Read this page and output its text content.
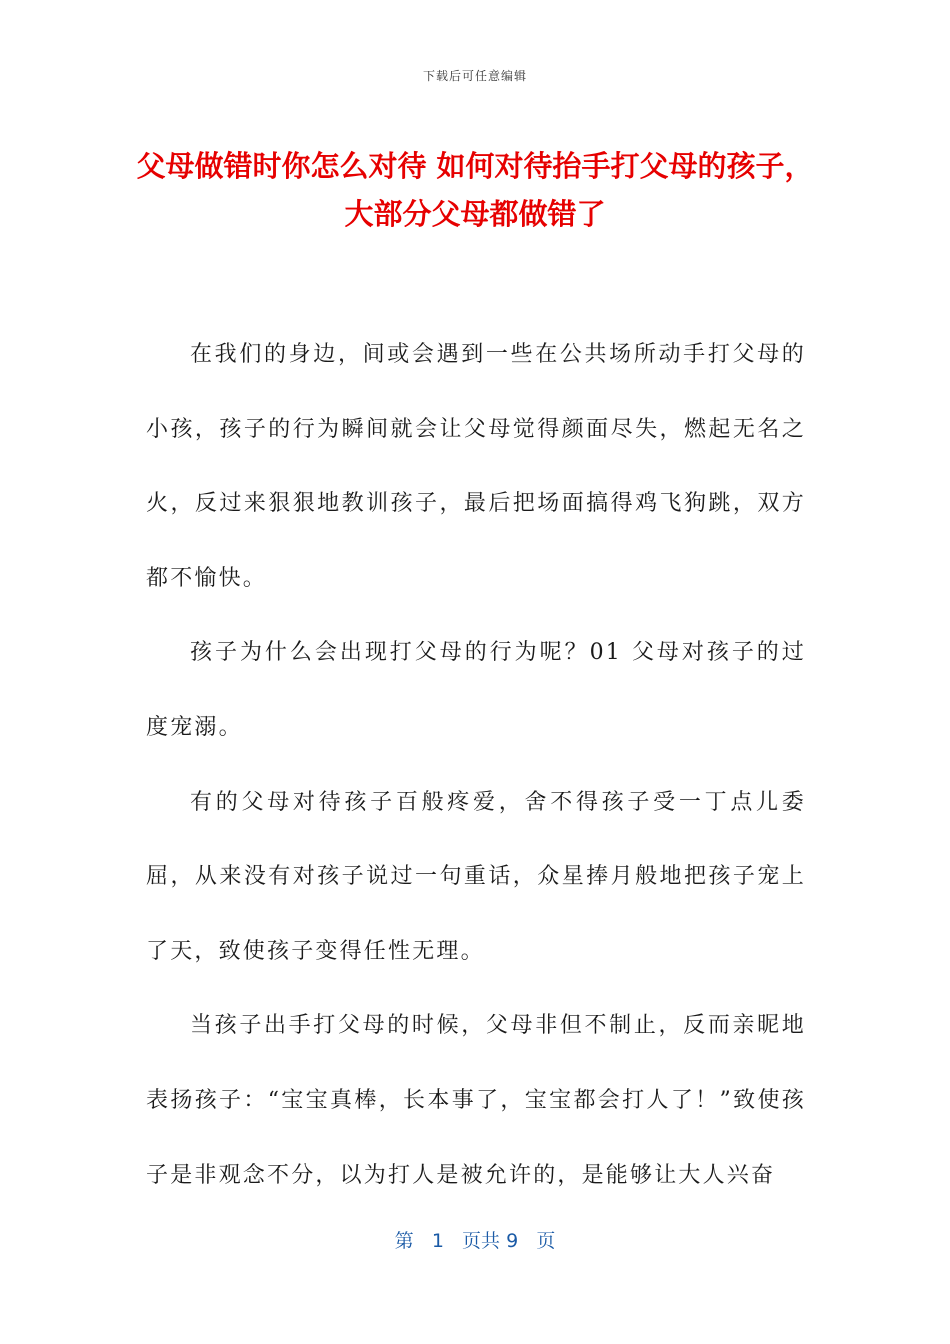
下载后可任意编辑
父母做错时你怎么对待 如何对待抬手打父母的孩子，大部分父母都做错了

在我们的身边，间或会遇到一些在公共场所动手打父母的小孩，孩子的行为瞬间就会让父母觉得颜面尽失，燃起无名之火，反过来狠狠地教训孩子，最后把场面搞得鸡飞狗跳，双方都不愉快。

孩子为什么会出现打父母的行为呢？01 父母对孩子的过度宠溺。

有的父母对待孩子百般疼爱，舍不得孩子受一丁点儿委屈，从来没有对孩子说过一句重话，众星捧月般地把孩子宠上了天，致使孩子变得任性无理。

当孩子出手打父母的时候，父母非但不制止，反而亲昵地表扬孩子：“宝宝真棒，长本事了，宝宝都会打人了！”致使孩子是非观念不分，以为打人是被允许的，是能够让大人兴奋

第 1 页共 9 页
